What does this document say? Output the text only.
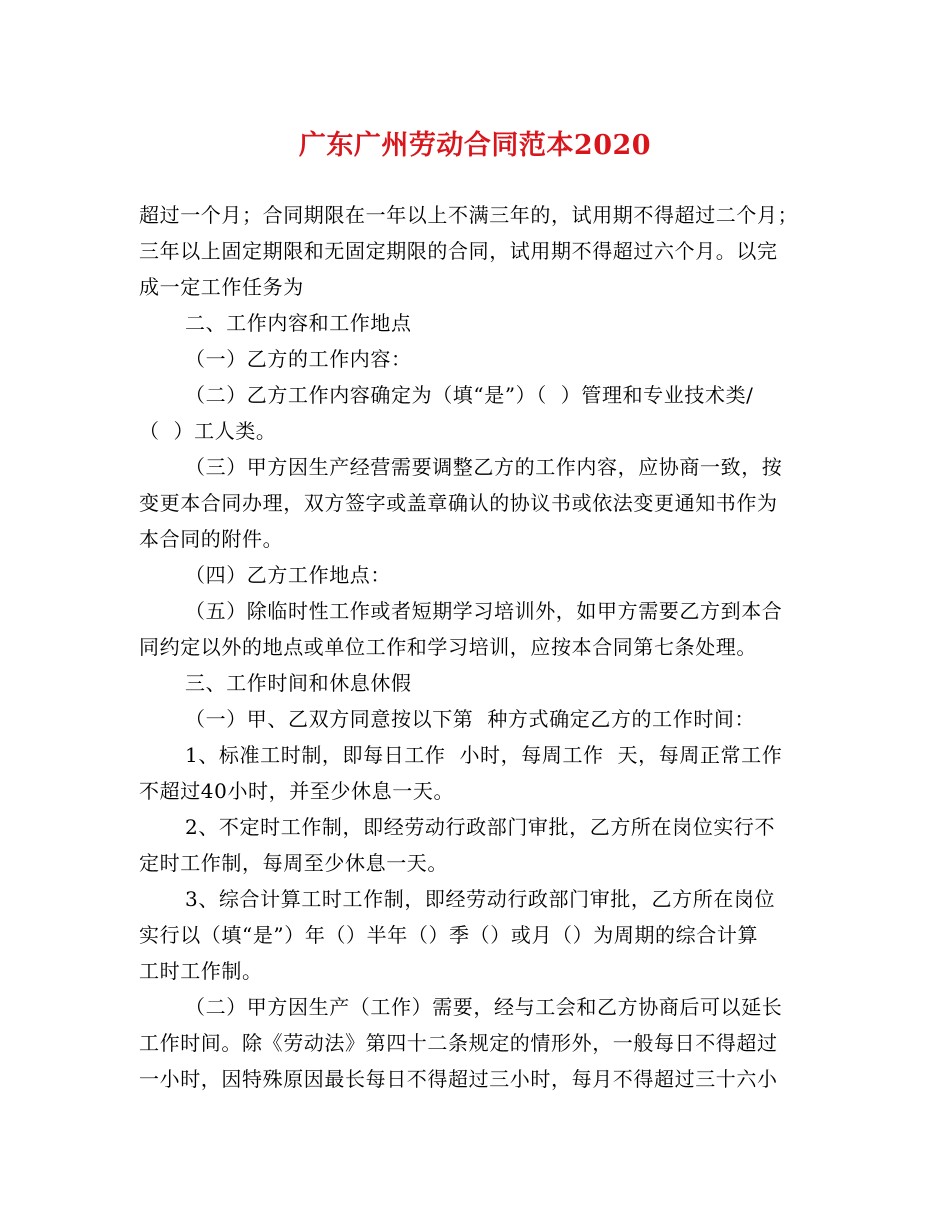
广东广州劳动合同范本2020
超过一个月；合同期限在一年以上不满三年的，试用期不得超过二个月；
三年以上固定期限和无固定期限的合同，试用期不得超过六个月。以完
成一定工作任务为
二、工作内容和工作地点
（一）乙方的工作内容：
（二）乙方工作内容确定为（填“是”）（  ）管理和专业技术类/
（  ）工人类。
（三）甲方因生产经营需要调整乙方的工作内容，应协商一致，按
变更本合同办理，双方签字或盖章确认的协议书或依法变更通知书作为
本合同的附件。
（四）乙方工作地点：
（五）除临时性工作或者短期学习培训外，如甲方需要乙方到本合
同约定以外的地点或单位工作和学习培训，应按本合同第七条处理。
三、工作时间和休息休假
（一）甲、乙双方同意按以下第  种方式确定乙方的工作时间：
1、标准工时制，即每日工作  小时，每周工作  天，每周正常工作
不超过40小时，并至少休息一天。
2、不定时工作制，即经劳动行政部门审批，乙方所在岗位实行不
定时工作制，每周至少休息一天。
3、综合计算工时工作制，即经劳动行政部门审批，乙方所在岗位
实行以（填“是”）年（）半年（）季（）或月（）为周期的综合计算
工时工作制。
（二）甲方因生产（工作）需要，经与工会和乙方协商后可以延长
工作时间。除《劳动法》第四十二条规定的情形外，一般每日不得超过
一小时，因特殊原因最长每日不得超过三小时，每月不得超过三十六小
